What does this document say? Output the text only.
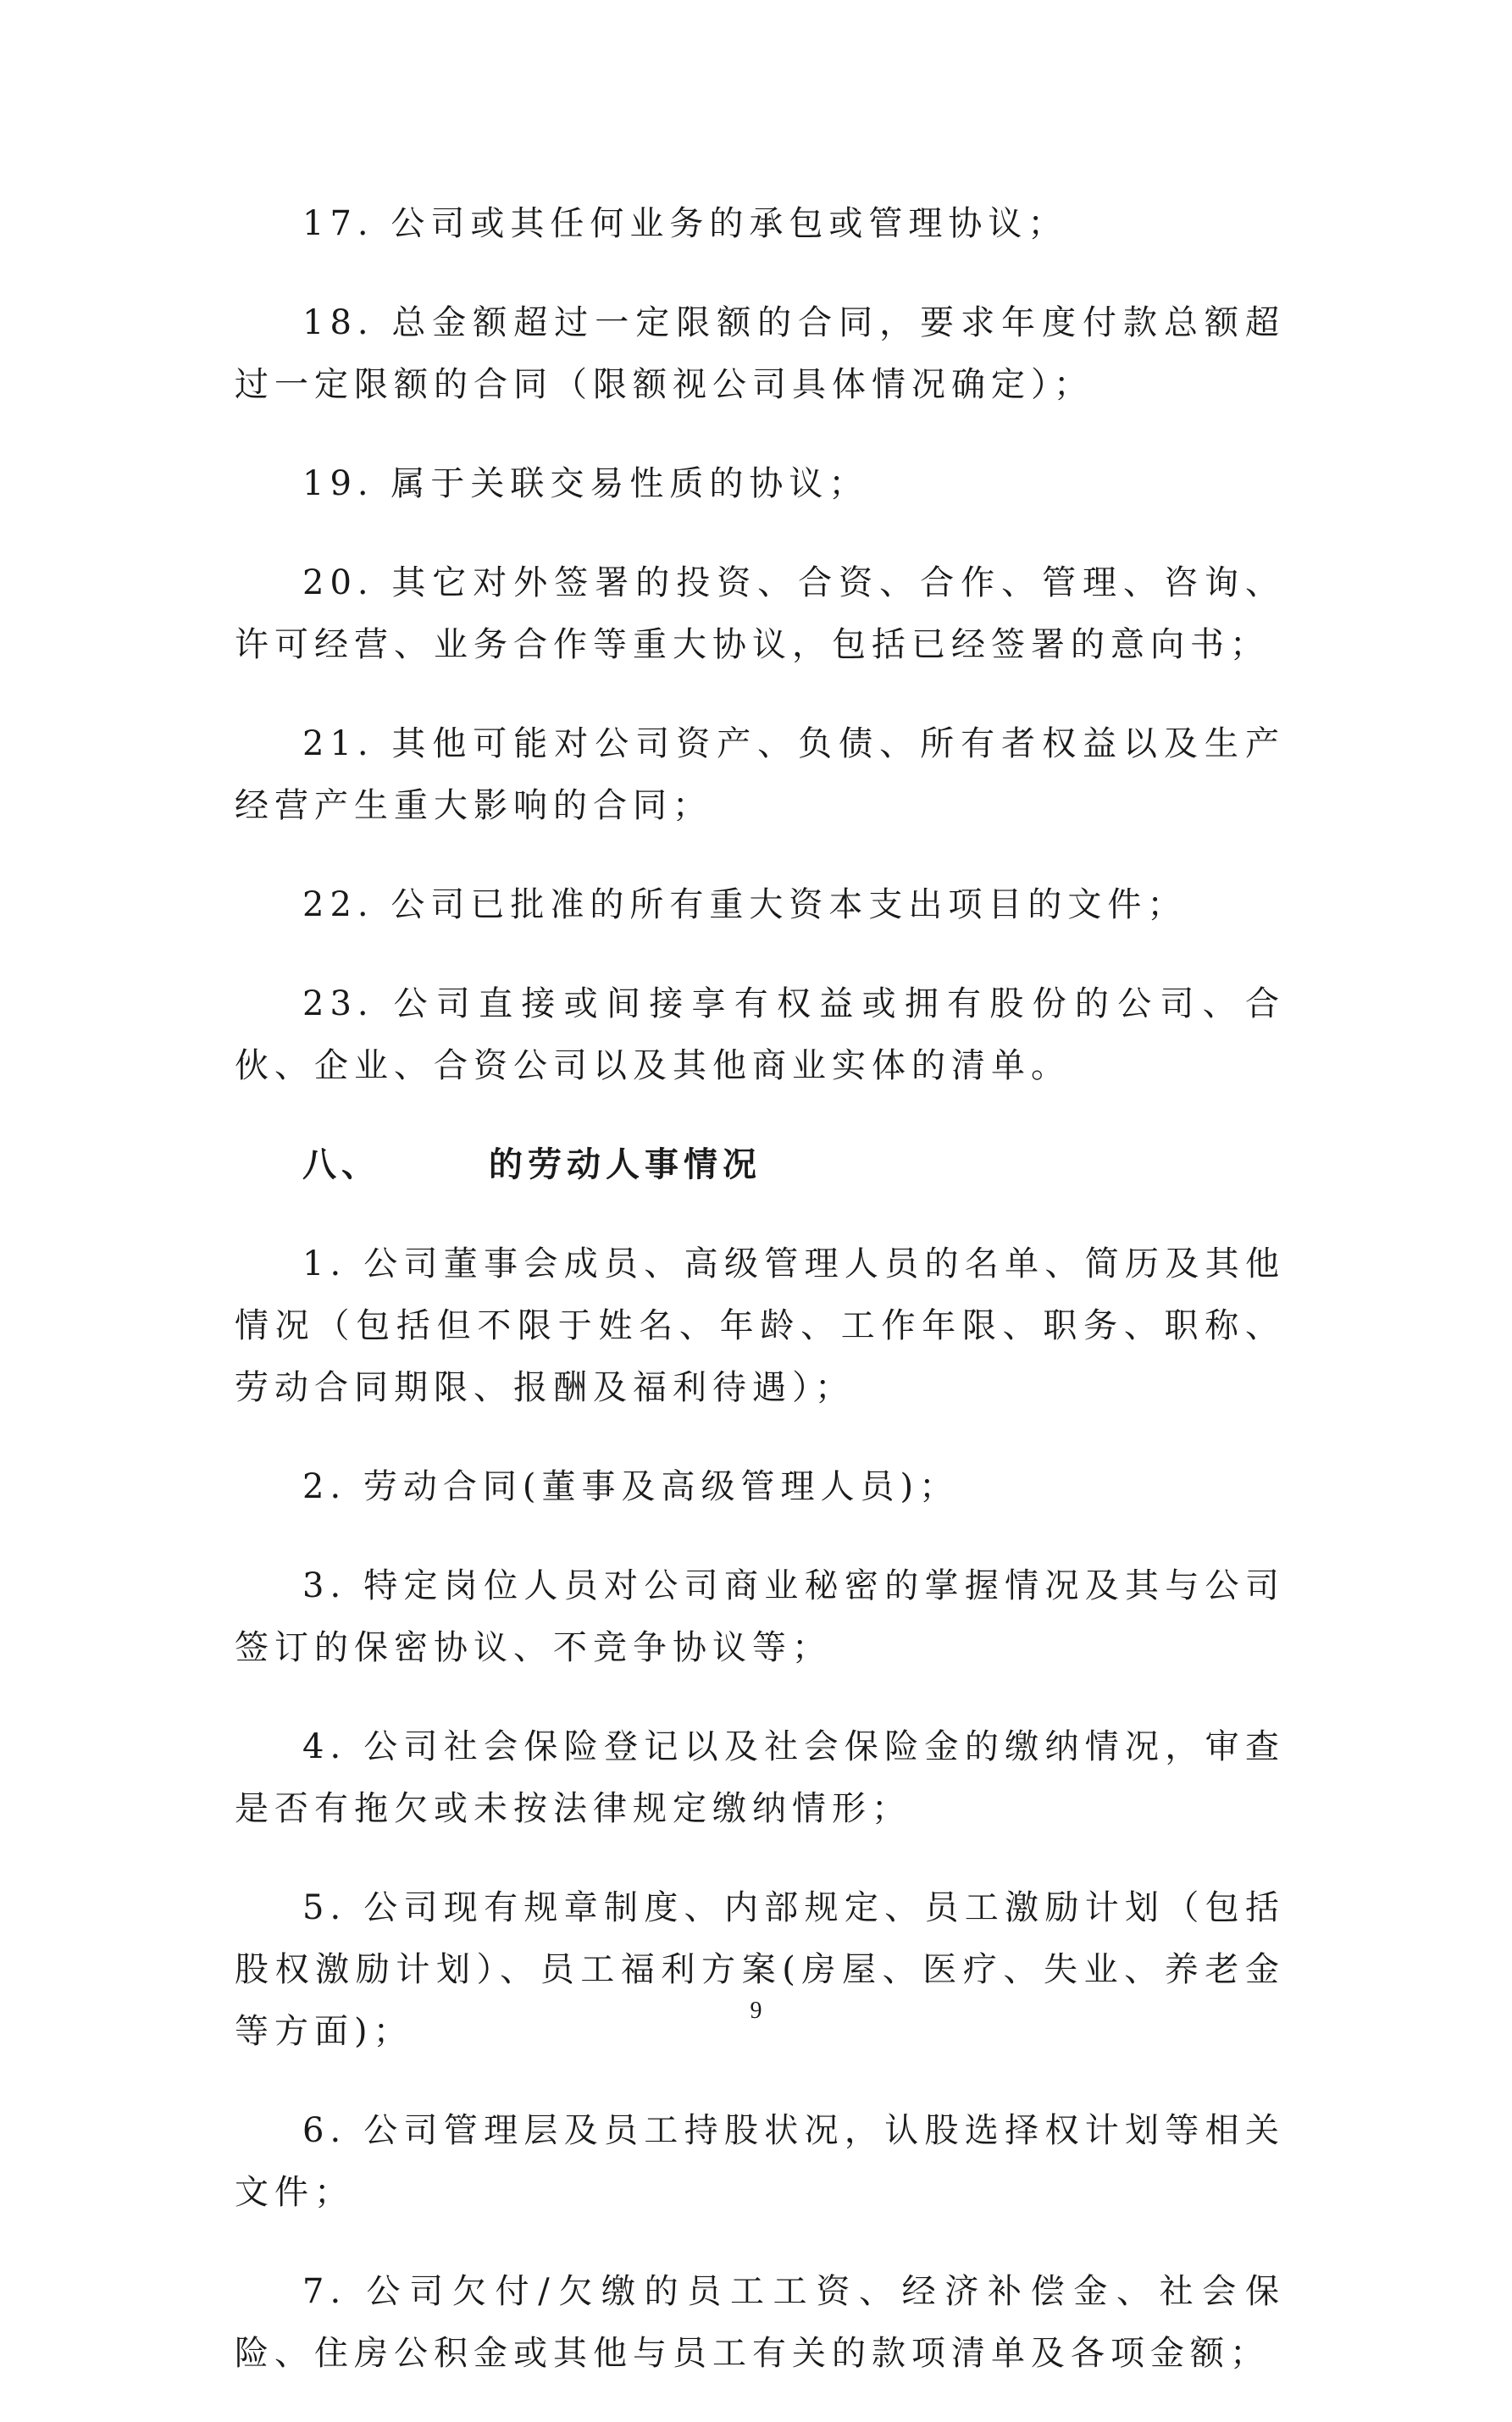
17. 公司或其任何业务的承包或管理协议；

18. 总金额超过一定限额的合同，要求年度付款总额超过一定限额的合同（限额视公司具体情况确定）；

19. 属于关联交易性质的协议；

20. 其它对外签署的投资、合资、合作、管理、咨询、许可经营、业务合作等重大协议，包括已经签署的意向书；

21. 其他可能对公司资产、负债、所有者权益以及生产经营产生重大影响的合同；

22. 公司已批准的所有重大资本支出项目的文件；

23. 公司直接或间接享有权益或拥有股份的公司、合伙、企业、合资公司以及其他商业实体的清单。

八、	的劳动人事情况

1. 公司董事会成员、高级管理人员的名单、简历及其他情况（包括但不限于姓名、年龄、工作年限、职务、职称、劳动合同期限、报酬及福利待遇）；

2. 劳动合同(董事及高级管理人员)；

3. 特定岗位人员对公司商业秘密的掌握情况及其与公司签订的保密协议、不竞争协议等；

4. 公司社会保险登记以及社会保险金的缴纳情况，审查是否有拖欠或未按法律规定缴纳情形；

5. 公司现有规章制度、内部规定、员工激励计划（包括股权激励计划）、员工福利方案(房屋、医疗、失业、养老金等方面)；

6. 公司管理层及员工持股状况，认股选择权计划等相关文件；

7. 公司欠付/欠缴的员工工资、经济补偿金、社会保险、住房公积金或其他与员工有关的款项清单及各项金额；

9
